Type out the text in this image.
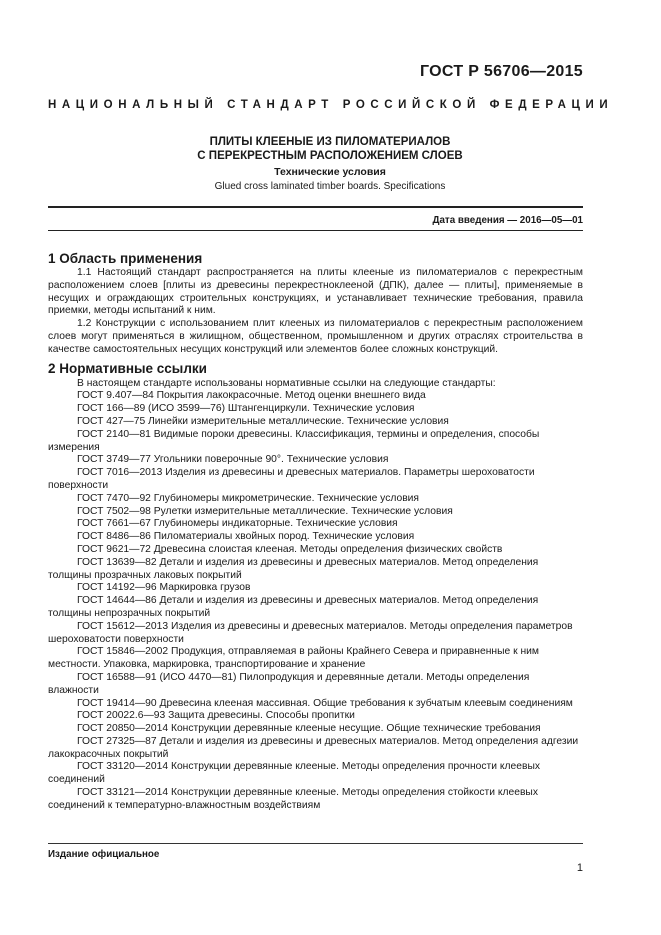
ГОСТ Р 56706—2015
НАЦИОНАЛЬНЫЙ СТАНДАРТ РОССИЙСКОЙ ФЕДЕРАЦИИ
ПЛИТЫ КЛЕЕНЫЕ ИЗ ПИЛОМАТЕРИАЛОВ
С ПЕРЕКРЕСТНЫМ РАСПОЛОЖЕНИЕМ СЛОЕВ
Технические условия
Glued cross laminated timber boards. Specifications
Дата введения — 2016—05—01
1 Область применения

1.1 Настоящий стандарт распространяется на плиты клееные из пиломатериалов с перекрестным расположением слоев [плиты из древесины перекрестноклееной (ДПК), далее — плиты], применяемые в несущих и ограждающих строительных конструкциях, и устанавливает технические требования, правила приемки, методы испытаний к ним.

1.2 Конструкции с использованием плит клееных из пиломатериалов с перекрестным расположением слоев могут применяться в жилищном, общественном, промышленном и других отраслях строительства в качестве самостоятельных несущих конструкций или элементов более сложных конструкций.

2 Нормативные ссылки

В настоящем стандарте использованы нормативные ссылки на следующие стандарты:

ГОСТ 9.407—84 Покрытия лакокрасочные. Метод оценки внешнего вида

ГОСТ 166—89 (ИСО 3599—76) Штангенциркули. Технические условия

ГОСТ 427—75 Линейки измерительные металлические. Технические условия

ГОСТ 2140—81 Видимые пороки древесины. Классификация, термины и определения, способы измерения

ГОСТ 3749—77 Угольники поверочные 90°. Технические условия

ГОСТ 7016—2013 Изделия из древесины и древесных материалов. Параметры шероховатости поверхности

ГОСТ 7470—92 Глубиномеры микрометрические. Технические условия

ГОСТ 7502—98 Рулетки измерительные металлические. Технические условия

ГОСТ 7661—67 Глубиномеры индикаторные. Технические условия

ГОСТ 8486—86 Пиломатериалы хвойных пород. Технические условия

ГОСТ 9621—72 Древесина слоистая клееная. Методы определения физических свойств

ГОСТ 13639—82 Детали и изделия из древесины и древесных материалов. Метод определения толщины прозрачных лаковых покрытий

ГОСТ 14192—96 Маркировка грузов

ГОСТ 14644—86 Детали и изделия из древесины и древесных материалов. Метод определения толщины непрозрачных покрытий

ГОСТ 15612—2013 Изделия из древесины и древесных материалов. Методы определения параметров шероховатости поверхности

ГОСТ 15846—2002 Продукция, отправляемая в районы Крайнего Севера и приравненные к ним местности. Упаковка, маркировка, транспортирование и хранение

ГОСТ 16588—91 (ИСО 4470—81) Пилопродукция и деревянные детали. Методы определения влажности

ГОСТ 19414—90 Древесина клееная массивная. Общие требования к зубчатым клеевым соединениям

ГОСТ 20022.6—93 Защита древесины. Способы пропитки

ГОСТ 20850—2014 Конструкции деревянные клееные несущие. Общие технические требования

ГОСТ 27325—87 Детали и изделия из древесины и древесных материалов. Метод определения адгезии лакокрасочных покрытий

ГОСТ 33120—2014 Конструкции деревянные клееные. Методы определения прочности клеевых соединений

ГОСТ 33121—2014 Конструкции деревянные клееные. Методы определения стойкости клеевых соединений к температурно-влажностным воздействиям

Издание официальное
1
